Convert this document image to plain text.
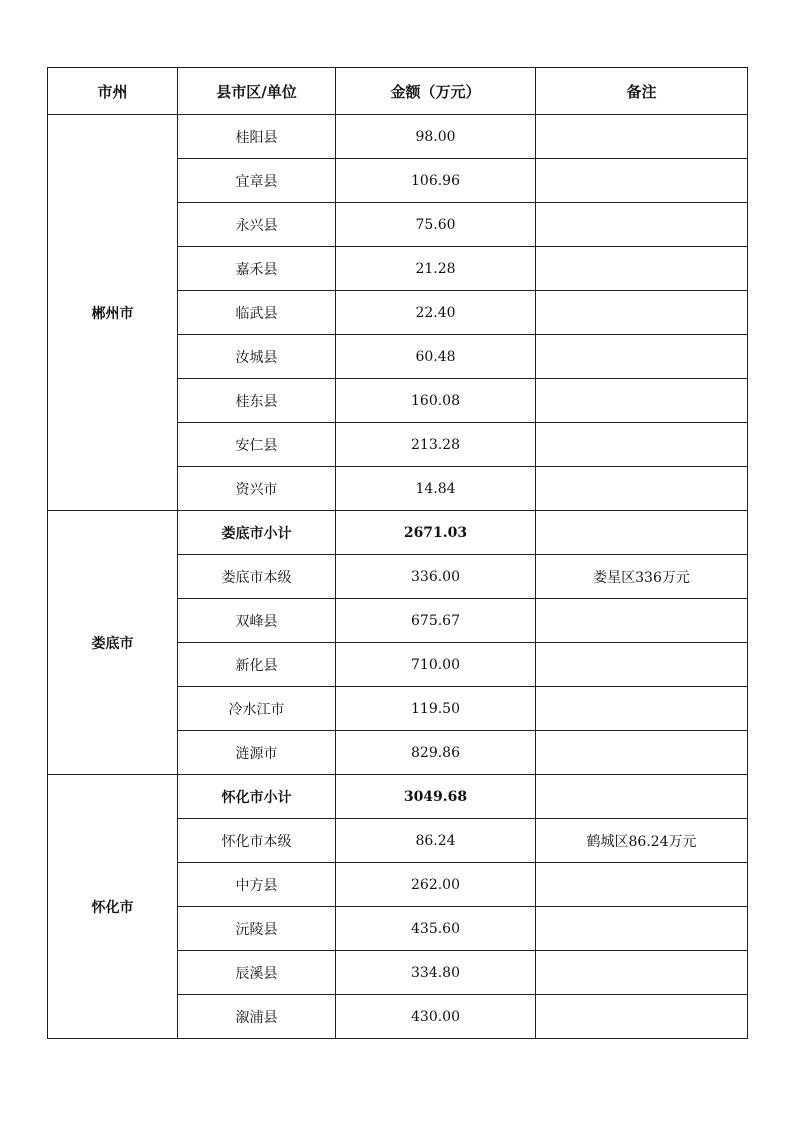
市州	县市区/单位	金额（万元）	备注
郴州市	桂阳县	98.00	
	宜章县	106.96	
	永兴县	75.60	
	嘉禾县	21.28	
	临武县	22.40	
	汝城县	60.48	
	桂东县	160.08	
	安仁县	213.28	
	资兴市	14.84	
娄底市	娄底市小计	2671.03	
	娄底市本级	336.00	娄星区336万元
	双峰县	675.67	
	新化县	710.00	
	冷水江市	119.50	
	涟源市	829.86	
怀化市	怀化市小计	3049.68	
	怀化市本级	86.24	鹤城区86.24万元
	中方县	262.00	
	沅陵县	435.60	
	辰溪县	334.80	
	溆浦县	430.00	
